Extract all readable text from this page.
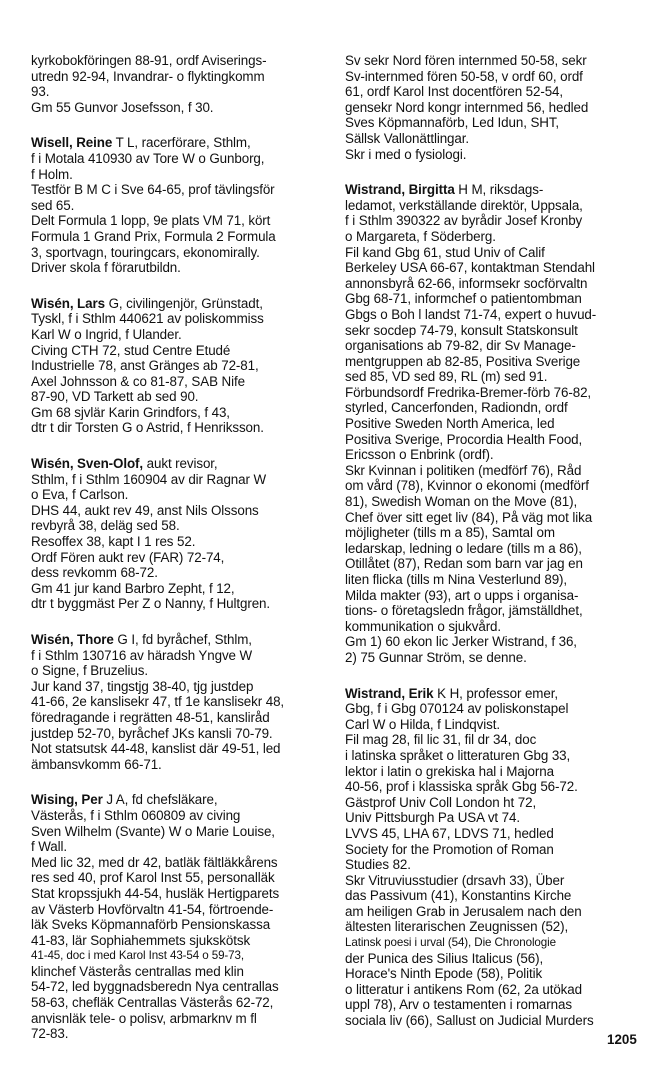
kyrkobokföringen 88-91, ordf Aviserings-
utredn 92-94, Invandrar- o flyktingkomm
93.
Gm 55 Gunvor Josefsson, f 30.
Wisell, Reine T L, racerförare, Sthlm,
f i Motala 410930 av Tore W o Gunborg,
f Holm.
Testför B M C i Sve 64-65, prof tävlingsför
sed 65.
Delt Formula 1 lopp, 9e plats VM 71, kört
Formula 1 Grand Prix, Formula 2 Formula
3, sportvagn, touringcars, ekonomirally.
Driver skola f förarutbildn.
Wisén, Lars G, civilingenjör, Grünstadt,
Tyskl, f i Sthlm 440621 av poliskommiss
Karl W o Ingrid, f Ulander.
Civing CTH 72, stud Centre Etudé
Industrielle 78, anst Gränges ab 72-81,
Axel Johnsson & co 81-87, SAB Nife
87-90, VD Tarkett ab sed 90.
Gm 68 sjvlär Karin Grindfors, f 43,
dtr t dir Torsten G o Astrid, f Henriksson.
Wisén, Sven-Olof, aukt revisor,
Sthlm, f i Sthlm 160904 av dir Ragnar W
o Eva, f Carlson.
DHS 44, aukt rev 49, anst Nils Olssons
revbyrå 38, deläg sed 58.
Resoffex 38, kapt I 1 res 52.
Ordf Fören aukt rev (FAR) 72-74,
dess revkomm 68-72.
Gm 41 jur kand Barbro Zepht, f 12,
dtr t byggmäst Per Z o Nanny, f Hultgren.
Wisén, Thore G I, fd byråchef, Sthlm,
f i Sthlm 130716 av häradsh Yngve W
o Signe, f Bruzelius.
Jur kand 37, tingstjg 38-40, tjg justdep
41-66, 2e kanslisekr 47, tf 1e kanslisekr 48,
föredragande i regrätten 48-51, kansliråd
justdep 52-70, byråchef JKs kansli 70-79.
Not statsutsk 44-48, kanslist där 49-51, led
ämbansvkomm 66-71.
Wising, Per J A, fd chefsläkare,
Västerås, f i Sthlm 060809 av civing
Sven Wilhelm (Svante) W o Marie Louise,
f Wall.
Med lic 32, med dr 42, batläk fältläkkårens
res sed 40, prof Karol Inst 55, personalläk
Stat kropssjukh 44-54, husläk Hertigparets
av Västerb Hovförvaltn 41-54, förtroende-
läk Sveks Köpmannaförb Pensionskassa
41-83, lär Sophiahemmets sjukskötsk
41-45, doc i med Karol Inst 43-54 o 59-73,
klinchef Västerås centrallas med klin
54-72, led byggnadsberedn Nya centrallas
58-63, chefläk Centrallas Västerås 62-72,
anvisnläk tele- o polisv, arbmarknv m fl
72-83.
Sv sekr Nord fören internmed 50-58, sekr
Sv-internmed fören 50-58, v ordf 60, ordf
61, ordf Karol Inst docentfören 52-54,
gensekr Nord kongr internmed 56, hedled
Sves Köpmannaförb, Led Idun, SHT,
Sällsk Vallonättlingar.
Skr i med o fysiologi.
Wistrand, Birgitta H M, riksdags-
ledamot, verkställande direktör, Uppsala,
f i Sthlm 390322 av byrådir Josef Kronby
o Margareta, f Söderberg.
Fil kand Gbg 61, stud Univ of Calif
Berkeley USA 66-67, kontaktman Stendahl
annonsbyrå 62-66, informsekr socförvaltn
Gbg 68-71, informchef o patientombman
Gbgs o Boh l landst 71-74, expert o huvud-
sekr socdep 74-79, konsult Statskonsult
organisations ab 79-82, dir Sv Manage-
mentgruppen ab 82-85, Positiva Sverige
sed 85, VD sed 89, RL (m) sed 91.
Förbundsordf Fredrika-Bremer-förb 76-82,
styrled, Cancerfonden, Radiondn, ordf
Positive Sweden North America, led
Positiva Sverige, Procordia Health Food,
Ericsson o Enbrink (ordf).
Skr Kvinnan i politiken (medförf 76), Råd
om vård (78), Kvinnor o ekonomi (medförf
81), Swedish Woman on the Move (81),
Chef över sitt eget liv (84), På väg mot lika
möjligheter (tills m a 85), Samtal om
ledarskap, ledning o ledare (tills m a 86),
Otillåtet (87), Redan som barn var jag en
liten flicka (tills m Nina Vesterlund 89),
Milda makter (93), art o upps i organisa-
tions- o företagsledn frågor, jämställdhet,
kommunikation o sjukvård.
Gm 1) 60 ekon lic Jerker Wistrand, f 36,
2) 75 Gunnar Ström, se denne.
Wistrand, Erik K H, professor emer,
Gbg, f i Gbg 070124 av poliskonstapel
Carl W o Hilda, f Lindqvist.
Fil mag 28, fil lic 31, fil dr 34, doc
i latinska språket o litteraturen Gbg 33,
lektor i latin o grekiska hal i Majorna
40-56, prof i klassiska språk Gbg 56-72.
Gästprof Univ Coll London ht 72,
Univ Pittsburgh Pa USA vt 74.
LVVS 45, LHA 67, LDVS 71, hedled
Society for the Promotion of Roman
Studies 82.
Skr Vitruviusstudier (drsavh 33), Über
das Passivum (41), Konstantins Kirche
am heiligen Grab in Jerusalem nach den
ältesten literarischen Zeugnissen (52),
Latinsk poesi i urval (54), Die Chronologie
der Punica des Silius Italicus (56),
Horace's Ninth Epode (58), Politik
o litteratur i antikens Rom (62, 2a utökad
uppl 78), Arv o testamenten i romarnas
sociala liv (66), Sallust on Judicial Murders
1205
